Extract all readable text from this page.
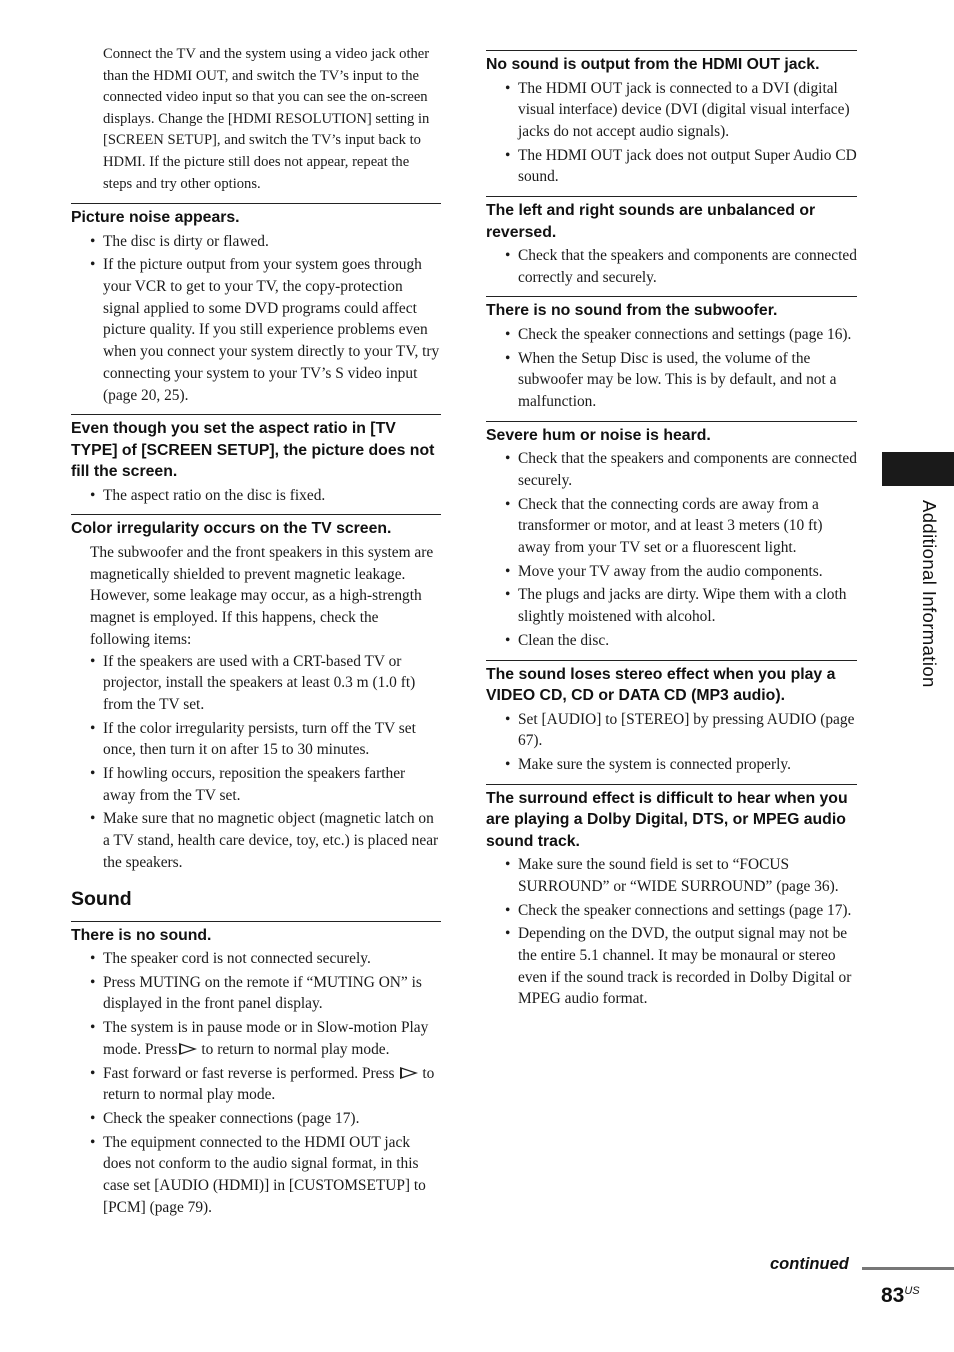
Connect the TV and the system using a video jack other than the HDMI OUT, and switch the TV’s input to the connected video input so that you can see the on-screen displays. Change the [HDMI RESOLUTION] setting in [SCREEN SETUP], and switch the TV’s input back to HDMI. If the picture still does not appear, repeat the steps and try other options.

Picture noise appears.
• The disc is dirty or flawed.
• If the picture output from your system goes through your VCR to get to your TV, the copy-protection signal applied to some DVD programs could affect picture quality. If you still experience problems even when you connect your system directly to your TV, try connecting your system to your TV’s S video input (page 20, 25).
Even though you set the aspect ratio in [TV TYPE] of [SCREEN SETUP], the picture does not fill the screen.
• The aspect ratio on the disc is fixed.
Color irregularity occurs on the TV screen.

The subwoofer and the front speakers in this system are magnetically shielded to prevent magnetic leakage. However, some leakage may occur, as a high-strength magnet is employed. If this happens, check the following items:

• If the speakers are used with a CRT-based TV or projector, install the speakers at least 0.3 m (1.0 ft) from the TV set.
• If the color irregularity persists, turn off the TV set once, then turn it on after 15 to 30 minutes.
• If howling occurs, reposition the speakers farther away from the TV set.
• Make sure that no magnetic object (magnetic latch on a TV stand, health care device, toy, etc.) is placed near the speakers.
Sound
There is no sound.
• The speaker cord is not connected securely.
• Press MUTING on the remote if “MUTING ON” is displayed in the front panel display.
• The system is in pause mode or in Slow-motion Play mode. Press to return to normal play mode.
• Fast forward or fast reverse is performed. Press to return to normal play mode.
• Check the speaker connections (page 17).
• The equipment connected to the HDMI OUT jack does not conform to the audio signal format, in this case set [AUDIO (HDMI)] in [CUSTOMSETUP] to [PCM] (page 79).
No sound is output from the HDMI OUT jack.
• The HDMI OUT jack is connected to a DVI (digital visual interface) device (DVI (digital visual interface) jacks do not accept audio signals).
• The HDMI OUT jack does not output Super Audio CD sound.
The left and right sounds are unbalanced or reversed.
• Check that the speakers and components are connected correctly and securely.
There is no sound from the subwoofer.
• Check the speaker connections and settings (page 16).
• When the Setup Disc is used, the volume of the subwoofer may be low. This is by default, and not a malfunction.
Severe hum or noise is heard.
• Check that the speakers and components are connected securely.
• Check that the connecting cords are away from a transformer or motor, and at least 3 meters (10 ft) away from your TV set or a fluorescent light.
• Move your TV away from the audio components.
• The plugs and jacks are dirty. Wipe them with a cloth slightly moistened with alcohol.
• Clean the disc.
The sound loses stereo effect when you play a VIDEO CD, CD or DATA CD (MP3 audio).
• Set [AUDIO] to [STEREO] by pressing AUDIO (page 67).
• Make sure the system is connected properly.
The surround effect is difficult to hear when you are playing a Dolby Digital, DTS, or MPEG audio sound track.
• Make sure the sound field is set to “FOCUS SURROUND” or “WIDE SURROUND” (page 36).
• Check the speaker connections and settings (page 17).
• Depending on the DVD, the output signal may not be the entire 5.1 channel. It may be monaural or stereo even if the sound track is recorded in Dolby Digital or MPEG audio format.
Additional Information
continued
$83^{US}$
